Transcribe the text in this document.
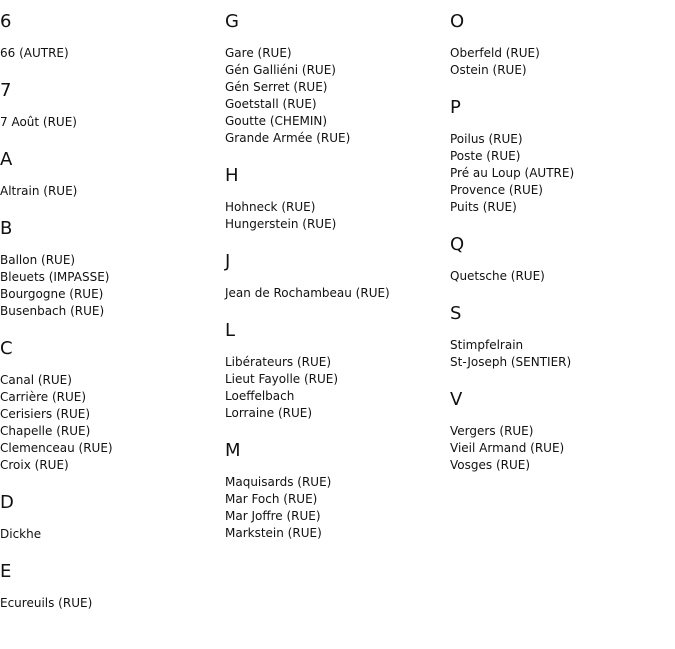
6
66 (AUTRE)
7
7 Août (RUE)
A
Altrain (RUE)
B
Ballon (RUE)
Bleuets (IMPASSE)
Bourgogne (RUE)
Busenbach (RUE)
C
Canal (RUE)
Carrière (RUE)
Cerisiers (RUE)
Chapelle (RUE)
Clemenceau (RUE)
Croix (RUE)
D
Dickhe
E
Ecureuils (RUE)
G
Gare (RUE)
Gén Galliéni (RUE)
Gén Serret (RUE)
Goetstall (RUE)
Goutte (CHEMIN)
Grande Armée (RUE)
H
Hohneck (RUE)
Hungerstein (RUE)
J
Jean de Rochambeau (RUE)
L
Libérateurs (RUE)
Lieut Fayolle (RUE)
Loeffelbach
Lorraine (RUE)
M
Maquisards (RUE)
Mar Foch (RUE)
Mar Joffre (RUE)
Markstein (RUE)
O
Oberfeld (RUE)
Ostein (RUE)
P
Poilus (RUE)
Poste (RUE)
Pré au Loup (AUTRE)
Provence (RUE)
Puits (RUE)
Q
Quetsche (RUE)
S
Stimpfelrain
St-Joseph (SENTIER)
V
Vergers (RUE)
Vieil Armand (RUE)
Vosges (RUE)
